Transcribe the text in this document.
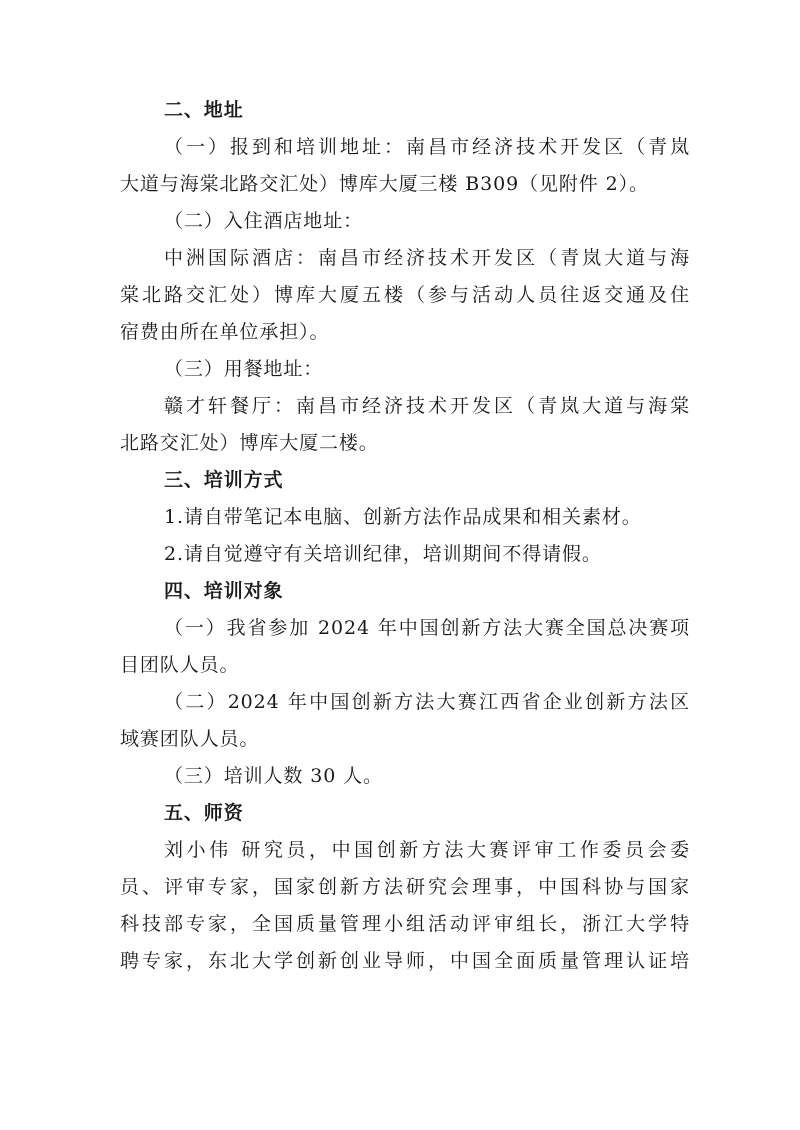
二、地址
（一）报到和培训地址：南昌市经济技术开发区（青岚
大道与海棠北路交汇处）博库大厦三楼 B309（见附件 2）。
（二）入住酒店地址：
中洲国际酒店：南昌市经济技术开发区（青岚大道与海
棠北路交汇处）博库大厦五楼（参与活动人员往返交通及住
宿费由所在单位承担）。
（三）用餐地址：
赣才轩餐厅：南昌市经济技术开发区（青岚大道与海棠
北路交汇处）博库大厦二楼。
三、培训方式
1.请自带笔记本电脑、创新方法作品成果和相关素材。
2.请自觉遵守有关培训纪律，培训期间不得请假。
四、培训对象
（一）我省参加 2024 年中国创新方法大赛全国总决赛项
目团队人员。
（二）2024 年中国创新方法大赛江西省企业创新方法区
域赛团队人员。
（三）培训人数 30 人。
五、师资
刘小伟 研究员，中国创新方法大赛评审工作委员会委
员、评审专家，国家创新方法研究会理事，中国科协与国家
科技部专家，全国质量管理小组活动评审组长，浙江大学特
聘专家，东北大学创新创业导师，中国全面质量管理认证培
